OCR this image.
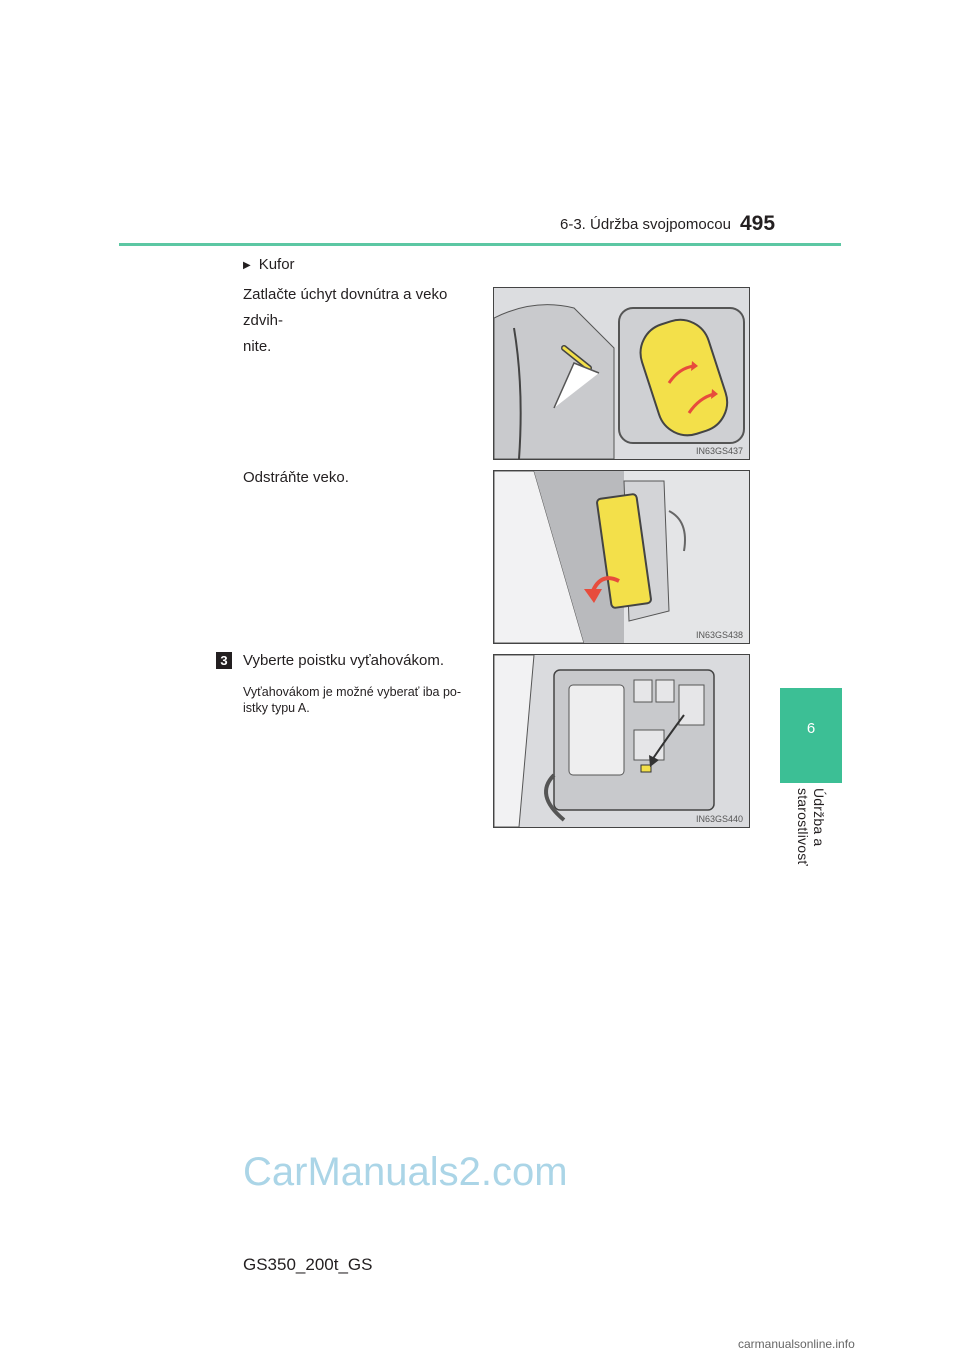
6-3. Údržba svojpomocou 495
6
Údržba a starostlivosť
▶ Kufor
Zatlačte úchyt dovnútra a veko zdvih-
nite.
IN63GS437
Odstráňte veko.
IN63GS438
3 Vyberte poistku vyťahovákom.
Vyťahovákom je možné vyberať iba po-
istky typu A.
IN63GS440
CarManuals2.com
GS350_200t_GS
carmanualsonline.info
